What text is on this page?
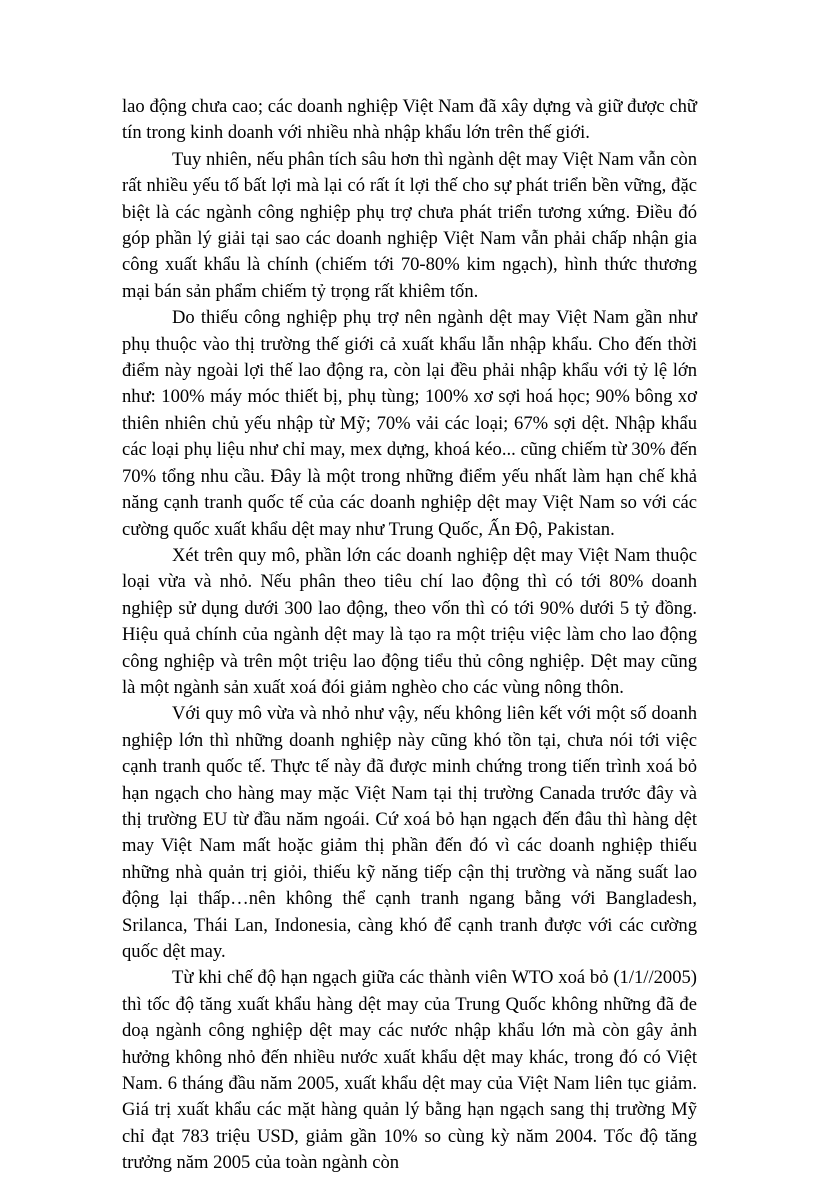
lao động chưa cao; các doanh nghiệp Việt Nam đã xây dựng và giữ được chữ tín trong kinh doanh với nhiều nhà nhập khẩu lớn trên thế giới.

Tuy nhiên, nếu phân tích sâu hơn thì ngành dệt may Việt Nam vẫn còn rất nhiều yếu tố bất lợi mà lại có rất ít lợi thế cho sự phát triển bền vững, đặc biệt là các ngành công nghiệp phụ trợ chưa phát triển tương xứng. Điều đó góp phần lý giải tại sao các doanh nghiệp Việt Nam vẫn phải chấp nhận gia công xuất khẩu là chính (chiếm tới 70-80% kim ngạch), hình thức thương mại bán sản phẩm chiếm tỷ trọng rất khiêm tốn.

Do thiếu công nghiệp phụ trợ nên ngành dệt may Việt Nam gần như phụ thuộc vào thị trường thế giới cả xuất khẩu lẫn nhập khẩu. Cho đến thời điểm này ngoài lợi thế lao động ra, còn lại đều phải nhập khẩu với tỷ lệ lớn như: 100% máy móc thiết bị, phụ tùng; 100% xơ sợi hoá học; 90% bông xơ thiên nhiên chủ yếu nhập từ Mỹ; 70% vải các loại; 67% sợi dệt. Nhập khẩu các loại phụ liệu như chỉ may, mex dựng, khoá kéo... cũng chiếm từ 30% đến 70% tổng nhu cầu. Đây là một trong những điểm yếu nhất làm hạn chế khả năng cạnh tranh quốc tế của các doanh nghiệp dệt may Việt Nam so với các cường quốc xuất khẩu dệt may như Trung Quốc, Ấn Độ, Pakistan.

Xét trên quy mô, phần lớn các doanh nghiệp dệt may Việt Nam thuộc loại vừa và nhỏ. Nếu phân theo tiêu chí lao động thì có tới 80% doanh nghiệp sử dụng dưới 300 lao động, theo vốn thì có tới 90% dưới 5 tỷ đồng. Hiệu quả chính của ngành dệt may là tạo ra một triệu việc làm cho lao động công nghiệp và trên một triệu lao động tiểu thủ công nghiệp. Dệt may cũng là một ngành sản xuất xoá đói giảm nghèo cho các vùng nông thôn.

Với quy mô vừa và nhỏ như vậy, nếu không liên kết với một số doanh nghiệp lớn thì những doanh nghiệp này cũng khó tồn tại, chưa nói tới việc cạnh tranh quốc tế. Thực tế này đã được minh chứng trong tiến trình xoá bỏ hạn ngạch cho hàng may mặc Việt Nam tại thị trường Canada trước đây và thị trường EU từ đầu năm ngoái. Cứ xoá bỏ hạn ngạch đến đâu thì hàng dệt may Việt Nam mất hoặc giảm thị phần đến đó vì các doanh nghiệp thiếu những nhà quản trị giỏi, thiếu kỹ năng tiếp cận thị trường và năng suất lao động lại thấp…nên không thể cạnh tranh ngang bằng với Bangladesh, Srilanca, Thái Lan, Indonesia, càng khó để cạnh tranh được với các cường quốc dệt may.

Từ khi chế độ hạn ngạch giữa các thành viên WTO xoá bỏ (1/1//2005) thì tốc độ tăng xuất khẩu hàng dệt may của Trung Quốc không những đã đe doạ ngành công nghiệp dệt may các nước nhập khẩu lớn mà còn gây ảnh hưởng không nhỏ đến nhiều nước xuất khẩu dệt may khác, trong đó có Việt Nam. 6 tháng đầu năm 2005, xuất khẩu dệt may của Việt Nam liên tục giảm. Giá trị xuất khẩu các mặt hàng quản lý bằng hạn ngạch sang thị trường Mỹ chỉ đạt 783 triệu USD, giảm gần 10% so cùng kỳ năm 2004. Tốc độ tăng trưởng năm 2005 của toàn ngành còn
